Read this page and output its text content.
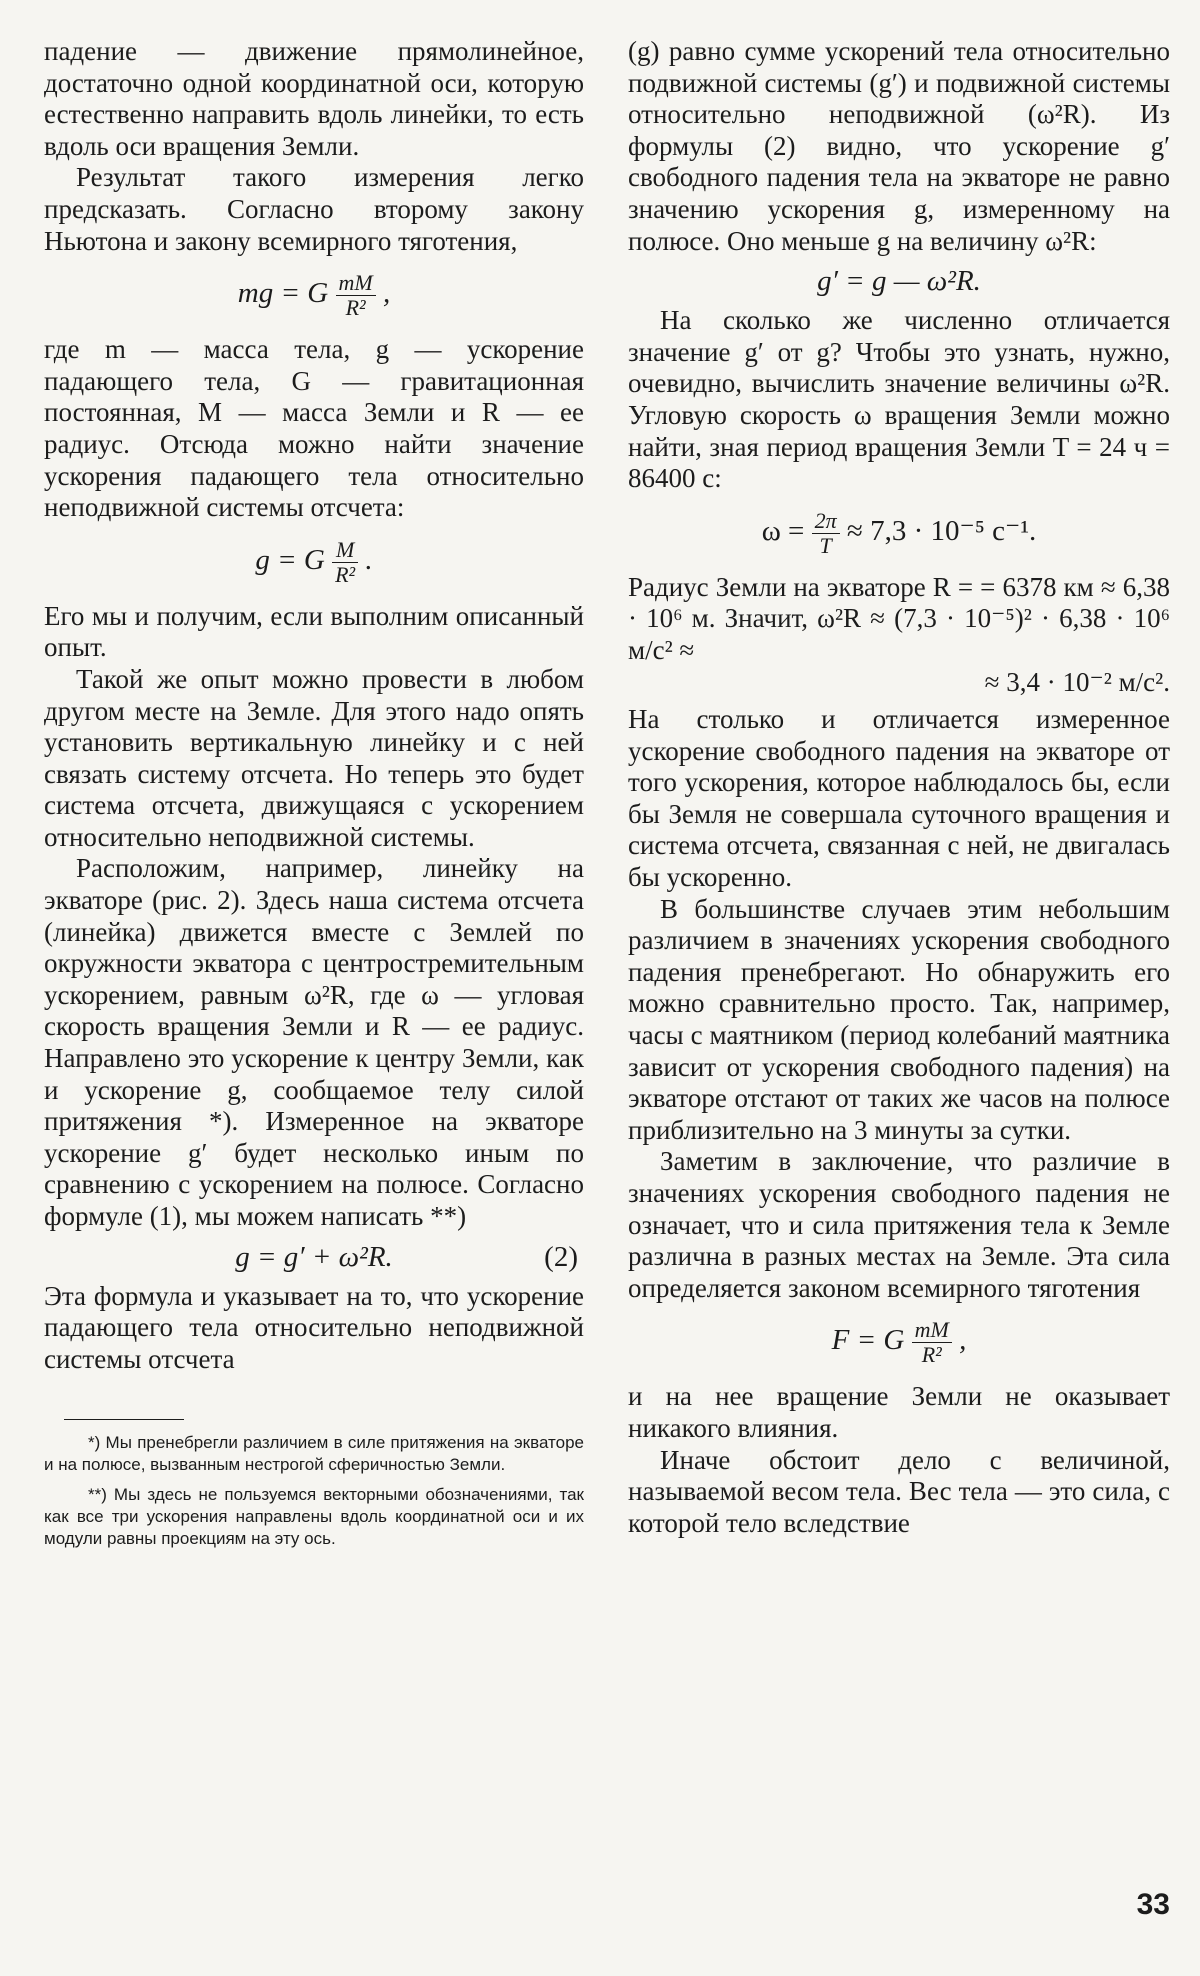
падение — движение прямолинейное, достаточно одной координатной оси, которую естественно направить вдоль линейки, то есть вдоль оси вращения Земли.

Результат такого измерения легко предсказать. Согласно второму закону Ньютона и закону всемирного тяготения,

mg = G $\frac{mM}{\text{R²}}$ ,

где m — масса тела, g — ускорение падающего тела, G — гравитационная постоянная, M — масса Земли и R — ее радиус. Отсюда можно найти значение ускорения падающего тела относительно неподвижной системы отсчета:

g = G $\frac{M}{\text{R²}}$ .

Его мы и получим, если выполним описанный опыт.

Такой же опыт можно провести в любом другом месте на Земле. Для этого надо опять установить вертикальную линейку и с ней связать систему отсчета. Но теперь это будет система отсчета, движущаяся с ускорением относительно неподвижной системы.

Расположим, например, линейку на экваторе (рис. 2). Здесь наша система отсчета (линейка) движется вместе с Землей по окружности экватора с центростремительным ускорением, равным ω²R, где ω — угловая скорость вращения Земли и R — ее радиус. Направлено это ускорение к центру Земли, как и ускорение g, сообщаемое телу силой притяжения *). Измеренное на экваторе ускорение g′ будет несколько иным по сравнению с ускорением на полюсе. Согласно формуле (1), мы можем написать **)

g = g′ + ω²R.	(2)

Эта формула и указывает на то, что ускорение падающего тела относительно неподвижной системы отсчета

*) Мы пренебрегли различием в силе притяжения на экваторе и на полюсе, вызванным нестрогой сферичностью Земли.

**) Мы здесь не пользуемся векторными обозначениями, так как все три ускорения направлены вдоль координатной оси и их модули равны проекциям на эту ось.

(g) равно сумме ускорений тела относительно подвижной системы (g′) и подвижной системы относительно неподвижной (ω²R). Из формулы (2) видно, что ускорение g′ свободного падения тела на экваторе не равно значению ускорения g, измеренному на полюсе. Оно меньше g на величину ω²R:

g′ = g — ω²R.

На сколько же численно отличается значение g′ от g? Чтобы это узнать, нужно, очевидно, вычислить значение величины ω²R. Угловую скорость ω вращения Земли можно найти, зная период вращения Земли T = 24 ч = 86400 с:

$\omega = \frac{2\pi}{T} \approx 7,3 \cdot 10^{-5}$ с⁻¹.

Радиус Земли на экваторе R = = 6378 км ≈ 6,38 · 10⁶ м. Значит, ω²R ≈ (7,3 · 10⁻⁵)² · 6,38 · 10⁶ м/с² ≈

≈ 3,4 · 10⁻² м/с².

На столько и отличается измеренное ускорение свободного падения на экваторе от того ускорения, которое наблюдалось бы, если бы Земля не совершала суточного вращения и система отсчета, связанная с ней, не двигалась бы ускоренно.

В большинстве случаев этим небольшим различием в значениях ускорения свободного падения пренебрегают. Но обнаружить его можно сравнительно просто. Так, например, часы с маятником (период колебаний маятника зависит от ускорения свободного падения) на экваторе отстают от таких же часов на полюсе приблизительно на 3 минуты за сутки.

Заметим в заключение, что различие в значениях ускорения свободного падения не означает, что и сила притяжения тела к Земле различна в разных местах на Земле. Эта сила определяется законом всемирного тяготения

F = G $\frac{mM}{\text{R²}}$ ,

и на нее вращение Земли не оказывает никакого влияния.

Иначе обстоит дело с величиной, называемой весом тела. Вес тела — это сила, с которой тело вследствие

33
